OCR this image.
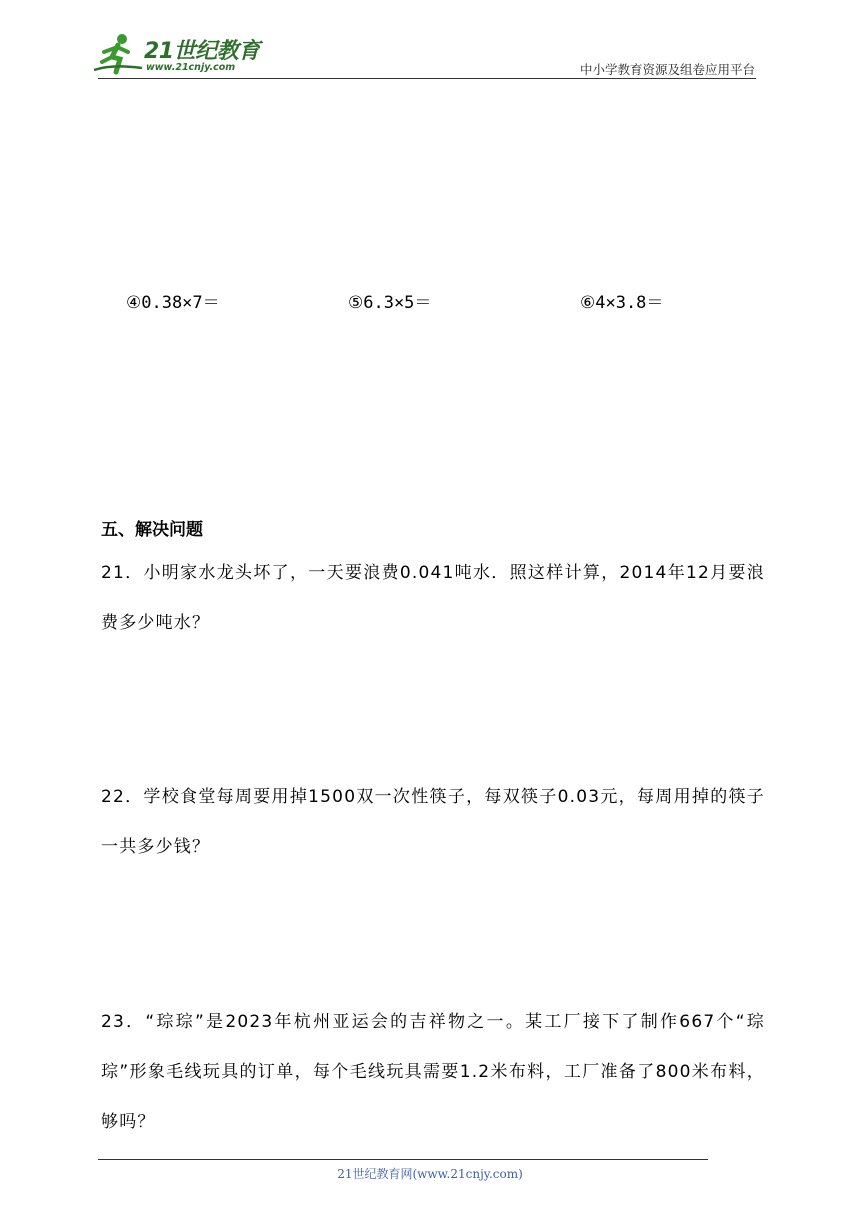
21世纪教育
www.21cnjy.com	中小学教育资源及组卷应用平台
④0.38×7＝	⑤6.3×5＝	⑥4×3.8＝
五、解决问题
21．小明家水龙头坏了，一天要浪费0.041吨水．照这样计算，2014年12月要浪费多少吨水？
22．学校食堂每周要用掉1500双一次性筷子，每双筷子0.03元，每周用掉的筷子一共多少钱？
23．“琮琮”是2023年杭州亚运会的吉祥物之一。某工厂接下了制作667个“琮琮”形象毛线玩具的订单，每个毛线玩具需要1.2米布料，工厂准备了800米布料，够吗？
21世纪教育网(www.21cnjy.com)
